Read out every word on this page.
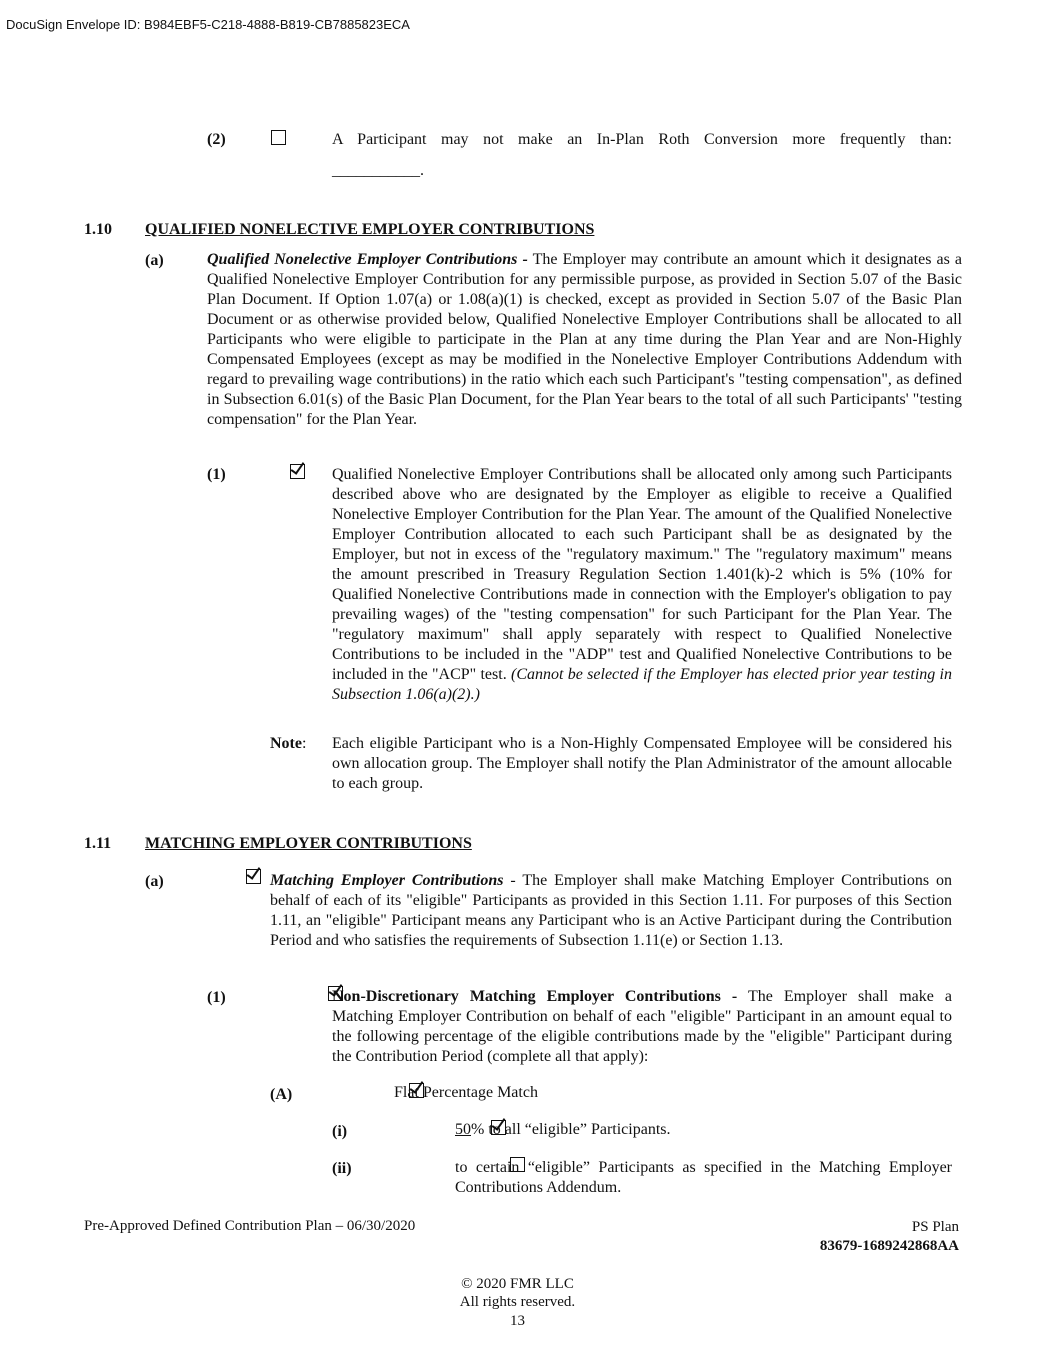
DocuSign Envelope ID: B984EBF5-C218-4888-B819-CB7885823ECA
(2)
	A Participant may not make an In-Plan Roth Conversion more frequently than:
___________.
1.10 QUALIFIED NONELECTIVE EMPLOYER CONTRIBUTIONS
(a)	Qualified Nonelective Employer Contributions - The Employer may contribute an amount which it designates as a Qualified Nonelective Employer Contribution for any permissible purpose, as provided in Section 5.07 of the Basic Plan Document. If Option 1.07(a) or 1.08(a)(1) is checked, except as provided in Section 5.07 of the Basic Plan Document or as otherwise provided below, Qualified Nonelective Employer Contributions shall be allocated to all Participants who were eligible to participate in the Plan at any time during the Plan Year and are Non-Highly Compensated Employees (except as may be modified in the Nonelective Employer Contributions Addendum with regard to prevailing wage contributions) in the ratio which each such Participant's "testing compensation", as defined in Subsection 6.01(s) of the Basic Plan Document, for the Plan Year bears to the total of all such Participants' "testing compensation" for the Plan Year.
(1)
	Qualified Nonelective Employer Contributions shall be allocated only among such Participants described above who are designated by the Employer as eligible to receive a Qualified Nonelective Employer Contribution for the Plan Year. The amount of the Qualified Nonelective Employer Contribution allocated to each such Participant shall be as designated by the Employer, but not in excess of the "regulatory maximum." The "regulatory maximum" means the amount prescribed in Treasury Regulation Section 1.401(k)-2 which is 5% (10% for Qualified Nonelective Contributions made in connection with the Employer's obligation to pay prevailing wages) of the "testing compensation" for such Participant for the Plan Year. The "regulatory maximum" shall apply separately with respect to Qualified Nonelective Contributions to be included in the "ADP" test and Qualified Nonelective Contributions to be included in the "ACP" test. (Cannot be selected if the Employer has elected prior year testing in Subsection 1.06(a)(2).)
Note: Each eligible Participant who is a Non-Highly Compensated Employee will be considered his own allocation group. The Employer shall notify the Plan Administrator of the amount allocable to each group.
1.11 MATCHING EMPLOYER CONTRIBUTIONS
(a)
	Matching Employer Contributions - The Employer shall make Matching Employer Contributions on behalf of each of its "eligible" Participants as provided in this Section 1.11. For purposes of this Section 1.11, an "eligible" Participant means any Participant who is an Active Participant during the Contribution Period and who satisfies the requirements of Subsection 1.11(e) or Section 1.13.
(1)
	Non-Discretionary Matching Employer Contributions - The Employer shall make a Matching Employer Contribution on behalf of each "eligible" Participant in an amount equal to the following percentage of the eligible contributions made by the "eligible" Participant during the Contribution Period (complete all that apply):
(A)
	Flat Percentage Match
(i)
	50% to all “eligible” Participants.
(ii)	to certain “eligible” Participants as specified in the Matching Employer Contributions Addendum.
Pre-Approved Defined Contribution Plan – 06/30/2020	PS Plan
83679-1689242868AA
© 2020 FMR LLC
All rights reserved.
13
